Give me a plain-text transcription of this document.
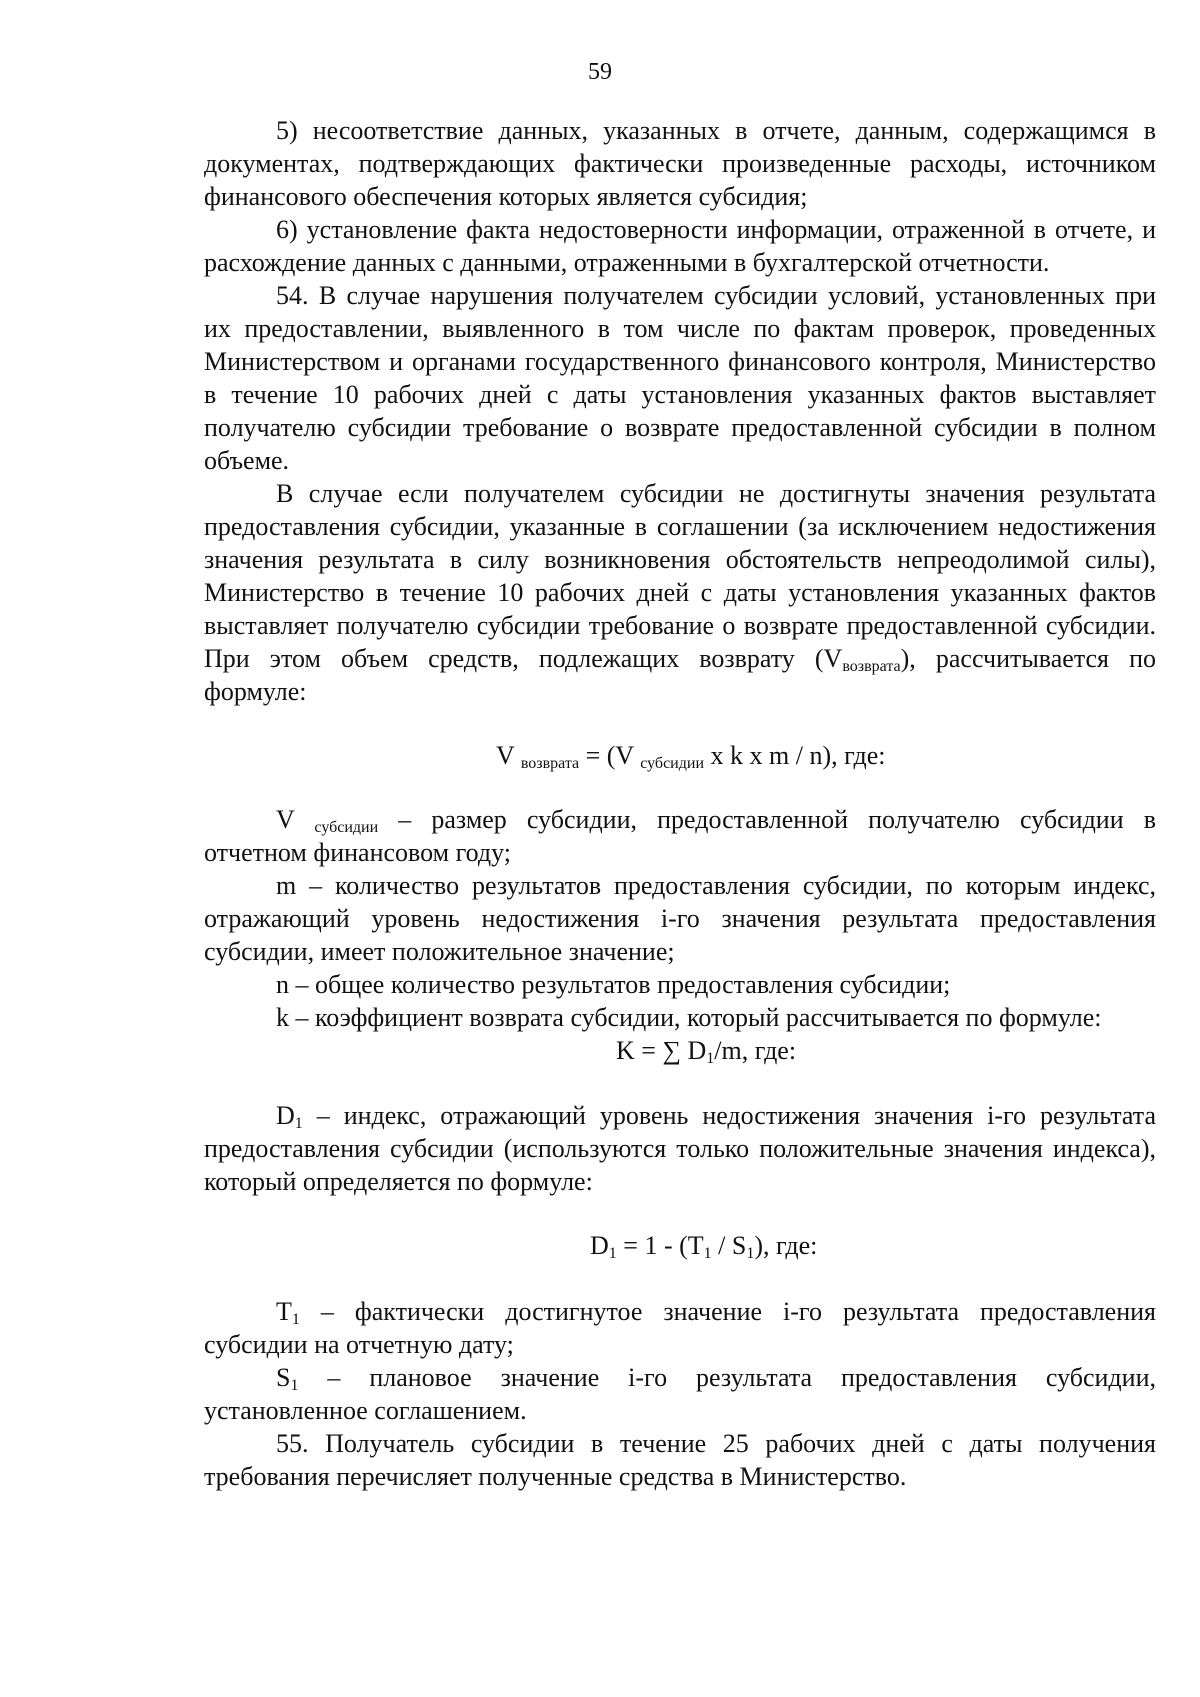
59

5) несоответствие данных, указанных в отчете, данным, содержащимся в документах, подтверждающих фактически произведенные расходы, источником финансового обеспечения которых является субсидия;

6) установление факта недостоверности информации, отраженной в отчете, и расхождение данных с данными, отраженными в бухгалтерской отчетности.

54. В случае нарушения получателем субсидии условий, установленных при их предоставлении, выявленного в том числе по фактам проверок, проведенных Министерством и органами государственного финансового контроля, Министерство в течение 10 рабочих дней с даты установления указанных фактов выставляет получателю субсидии требование о возврате предоставленной субсидии в полном объеме.

В случае если получателем субсидии не достигнуты значения результата предоставления субсидии, указанные в соглашении (за исключением недостижения значения результата в силу возникновения обстоятельств непреодолимой силы), Министерство в течение 10 рабочих дней с даты установления указанных фактов выставляет получателю субсидии требование о возврате предоставленной субсидии. При этом объем средств, подлежащих возврату $(V_{возврата})$, рассчитывается по формуле:

V $_{возврата}$ = (V $_{субсидии}$ x k x m / n), где:

V $_{субсидии}$ – размер субсидии, предоставленной получателю субсидии в отчетном финансовом году;

m – количество результатов предоставления субсидии, по которым индекс, отражающий уровень недостижения i-го значения результата предоставления субсидии, имеет положительное значение;

n – общее количество результатов предоставления субсидии;

k – коэффициент возврата субсидии, который рассчитывается по формуле:

K = ∑ $D_1/m$, где:

$D_1$ – индекс, отражающий уровень недостижения значения i-го результата предоставления субсидии (используются только положительные значения индекса), который определяется по формуле:

$D_1 = 1 - (T_1 / S_1)$, где:

$T_1$ – фактически достигнутое значение i-го результата предоставления субсидии на отчетную дату;

$S_1$ – плановое значение i-го результата предоставления субсидии, установленное соглашением.

55. Получатель субсидии в течение 25 рабочих дней с даты получения требования перечисляет полученные средства в Министерство.
